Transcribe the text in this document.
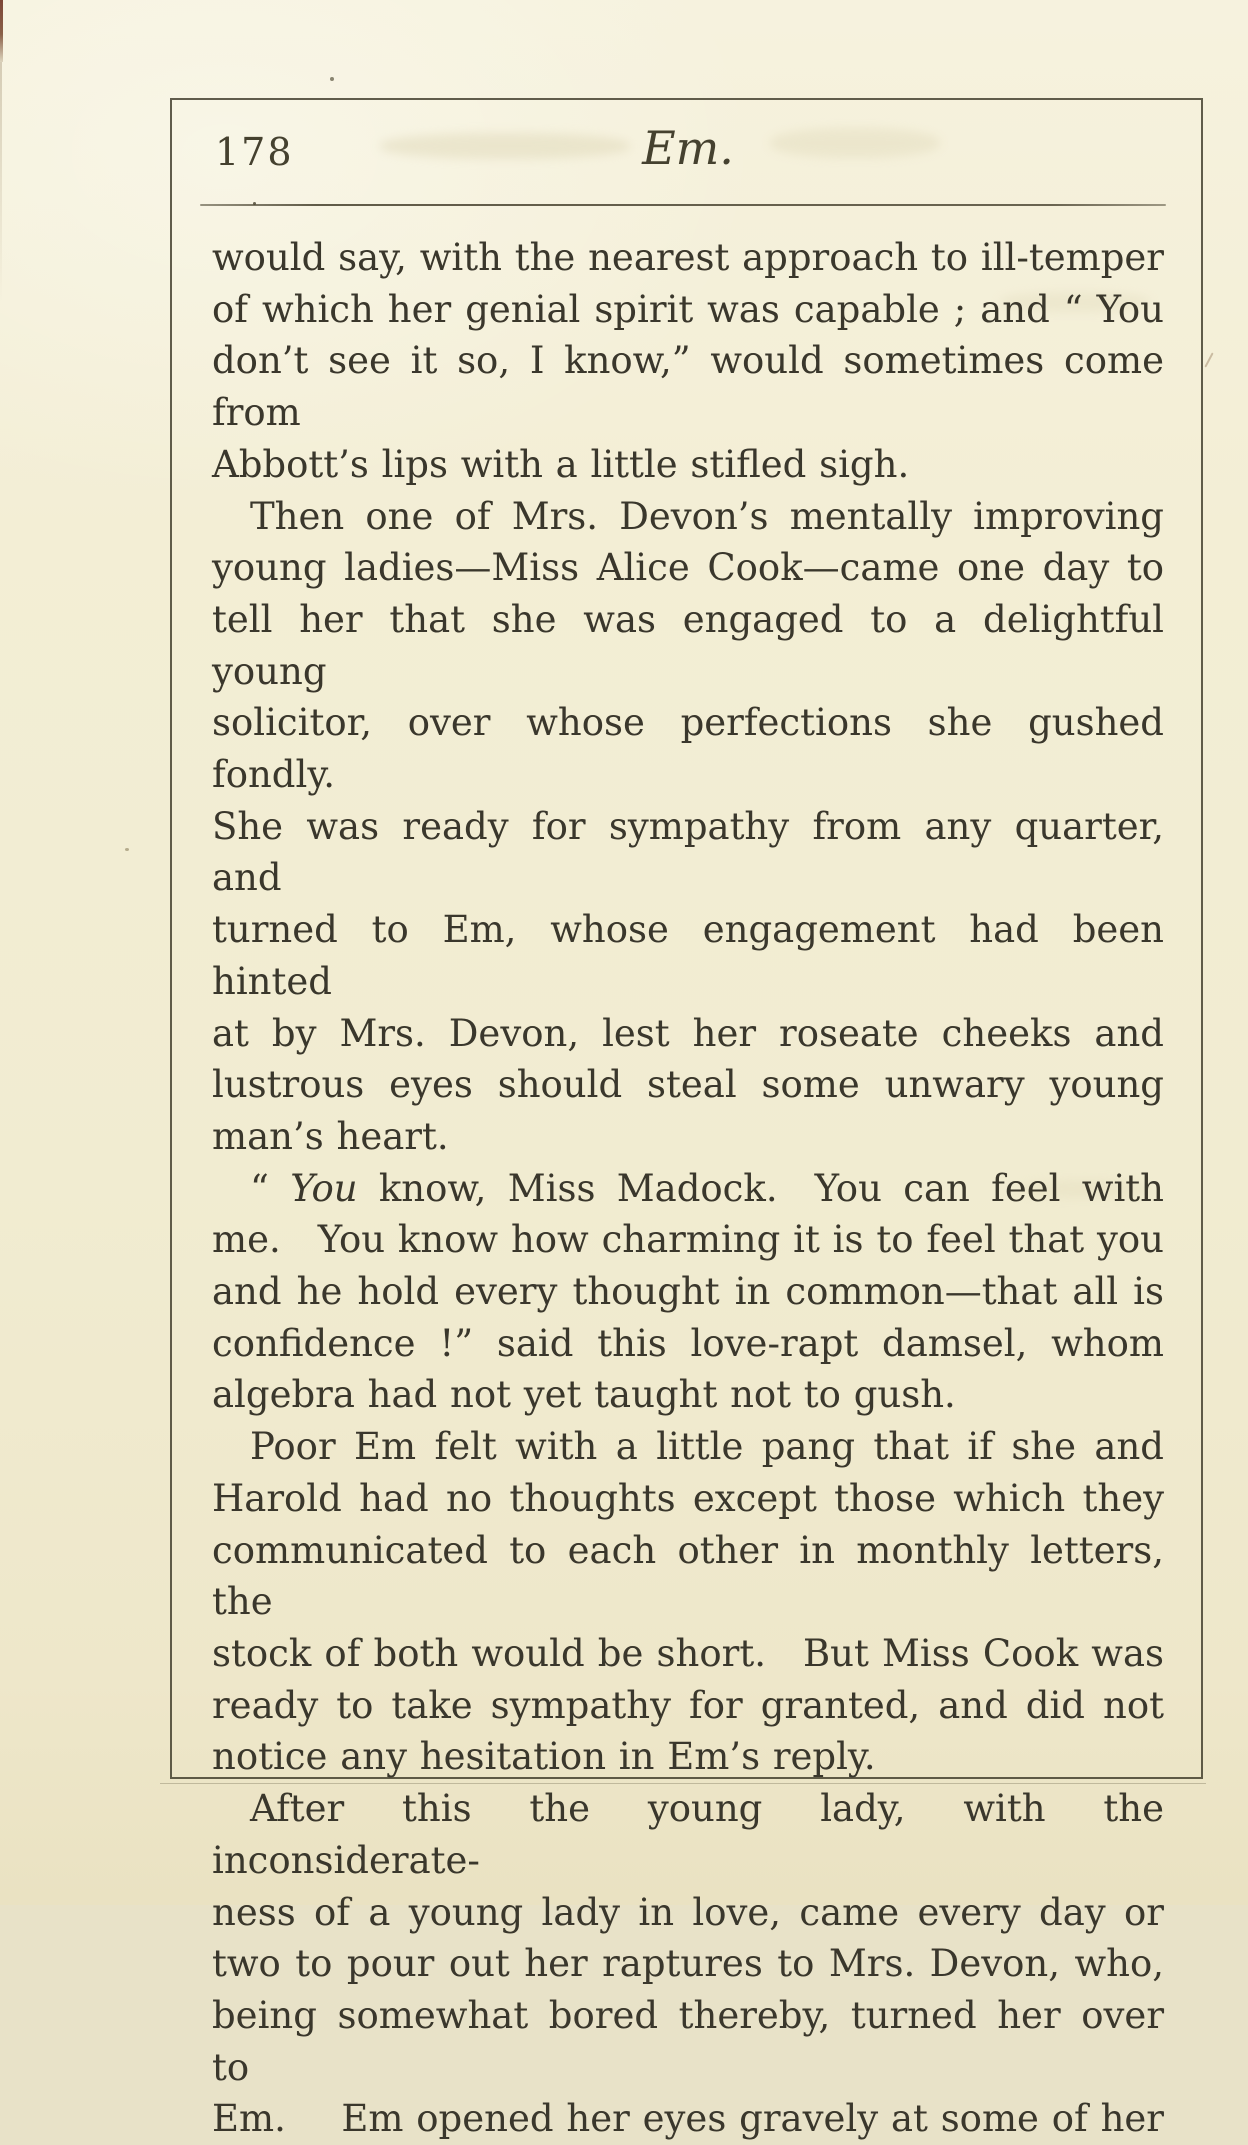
178	Em.
would say, with the nearest approach to ill-temper
of which her genial spirit was capable ; and “ You
don’t see it so, I know,” would sometimes come from
Abbott’s lips with a little stifled sigh.
Then one of Mrs. Devon’s mentally improving
young ladies—Miss Alice Cook—came one day to
tell her that she was engaged to a delightful young
solicitor, over whose perfections she gushed fondly.
She was ready for sympathy from any quarter, and
turned to Em, whose engagement had been hinted
at by Mrs. Devon, lest her roseate cheeks and
lustrous eyes should steal some unwary young
man’s heart.
“ You know, Miss Madock.  You can feel with
me.  You know how charming it is to feel that you
and he hold every thought in common—that all is
confidence !” said this love-rapt damsel, whom
algebra had not yet taught not to gush.
Poor Em felt with a little pang that if she and
Harold had no thoughts except those which they
communicated to each other in monthly letters, the
stock of both would be short.  But Miss Cook was
ready to take sympathy for granted, and did not
notice any hesitation in Em’s reply.
After this the young lady, with the inconsiderate-
ness of a young lady in love, came every day or
two to pour out her raptures to Mrs. Devon, who,
being somewhat bored thereby, turned her over to
Em.   Em opened her eyes gravely at some of her
